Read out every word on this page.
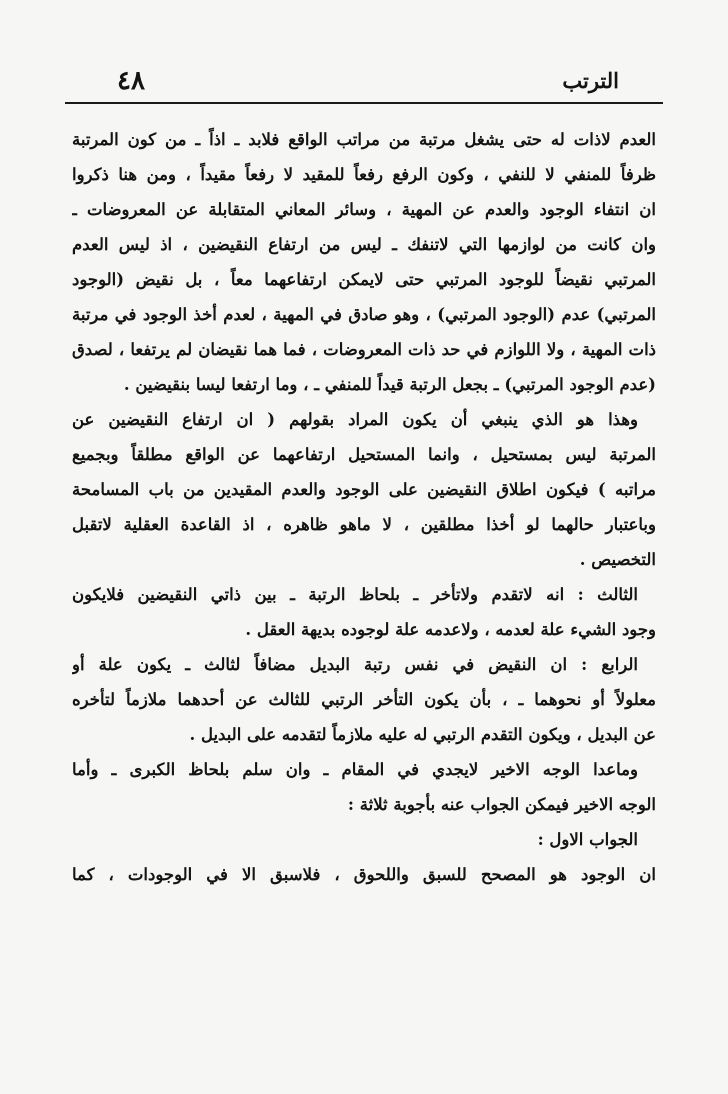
٤٨	الترتب
العدم لاذات له حتى يشغل مرتبة من مراتب الواقع فلابد ـ اذاً ـ من كون المرتبة
ظرفاً للمنفي لا للنفي ، وكون الرفع رفعاً للمقيد لا رفعاً مقيداً ، ومن هنا ذكروا
ان انتفاء الوجود والعدم عن المهية ، وسائر المعاني المتقابلة عن المعروضات ـ
وان كانت من لوازمها التي لاتنفك ـ ليس من ارتفاع النقيضين ، اذ ليس العدم
المرتبي نقيضاً للوجود المرتبي حتى لايمكن ارتفاعهما معاً ، بل نقيض (الوجود
المرتبي) عدم (الوجود المرتبي) ، وهو صادق في المهية ، لعدم أخذ الوجود في مرتبة
ذات المهية ، ولا اللوازم في حد ذات المعروضات ، فما هما نقيضان لم يرتفعا ، لصدق
(عدم الوجود المرتبي) ـ بجعل الرتبة قيداً للمنفي ـ ، وما ارتفعا ليسا بنقيضين .
وهذا هو الذي ينبغي أن يكون المراد بقولهم ( ان ارتفاع النقيضين عن
المرتبة ليس بمستحيل ، وانما المستحيل ارتفاعهما عن الواقع مطلقاً وبجميع
مراتبه ) فيكون اطلاق النقيضين على الوجود والعدم المقيدين من باب المسامحة
وباعتبار حالهما لو أخذا مطلقين ، لا ماهو ظاهره ، اذ القاعدة العقلية لاتقبل
التخصيص .
الثالث : انه لاتقدم ولاتأخر ـ بلحاظ الرتبة ـ بين ذاتي النقيضين فلايكون
وجود الشيء علة لعدمه ، ولاعدمه علة لوجوده بديهة العقل .
الرابع : ان النقيض في نفس رتبة البديل مضافاً لثالث ـ يكون علة أو
معلولاً أو نحوهما ـ ، بأن يكون التأخر الرتبي للثالث عن أحدهما ملازماً لتأخره
عن البديل ، ويكون التقدم الرتبي له عليه ملازماً لتقدمه على البديل .
وماعدا الوجه الاخير لايجدي في المقام ـ وان سلم بلحاظ الكبرى ـ وأما
الوجه الاخير فيمكن الجواب عنه بأجوبة ثلاثة :
الجواب الاول :
ان الوجود هو المصحح للسبق واللحوق ، فلاسبق الا في الوجودات ، كما
